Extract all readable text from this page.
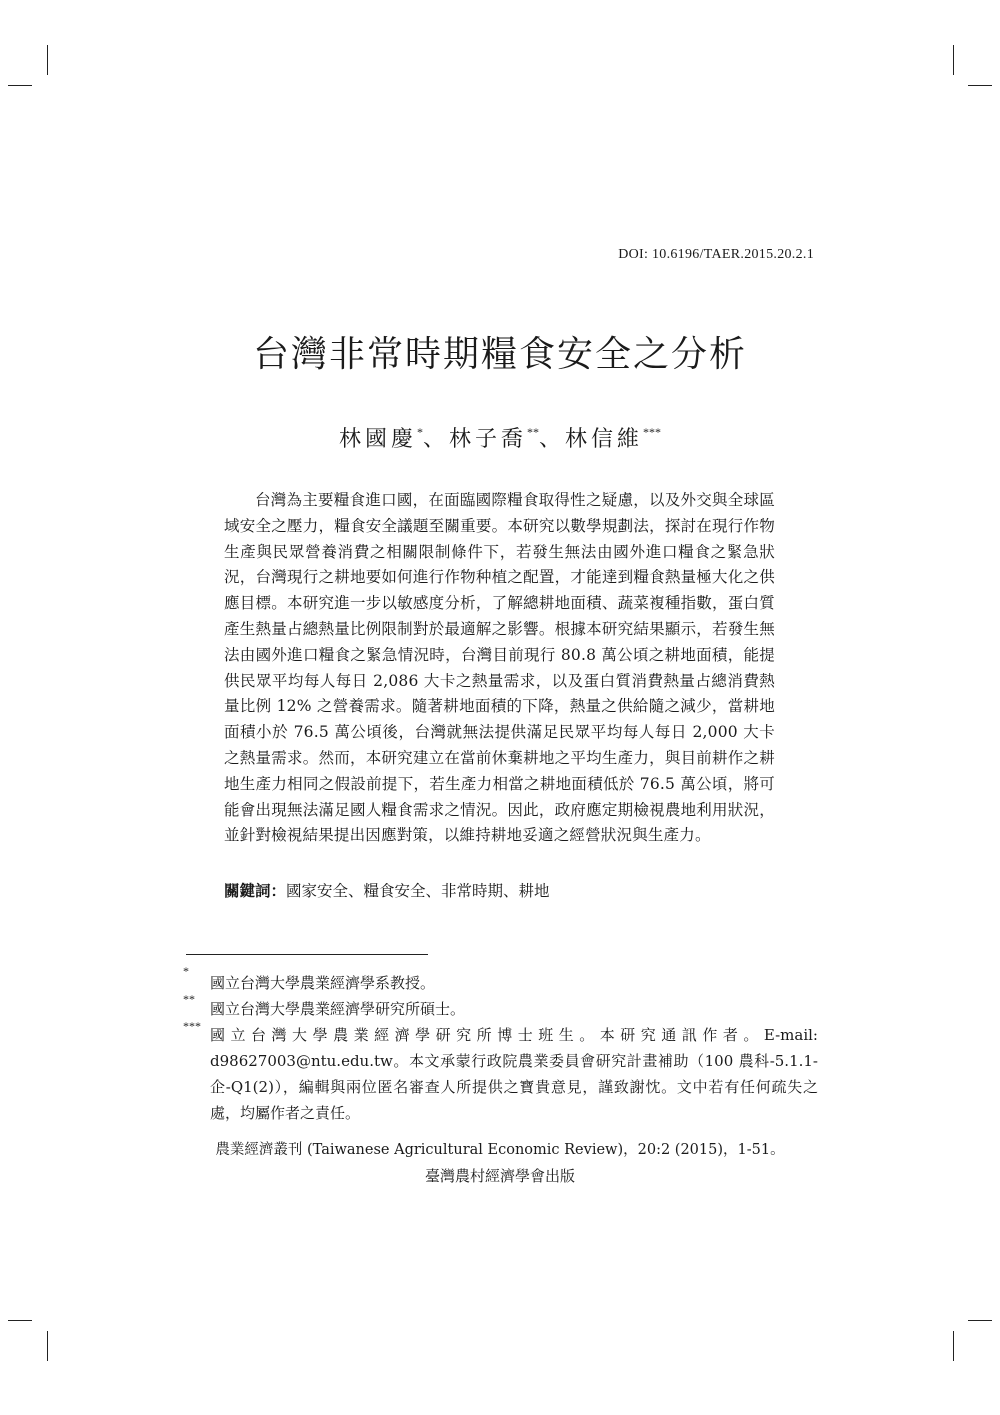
DOI: 10.6196/TAER.2015.20.2.1
台灣非常時期糧食安全之分析
林國慶*、林子喬**、林信維***

台灣為主要糧食進口國，在面臨國際糧食取得性之疑慮，以及外交與全球區域安全之壓力，糧食安全議題至關重要。本研究以數學規劃法，探討在現行作物生產與民眾營養消費之相關限制條件下，若發生無法由國外進口糧食之緊急狀況，台灣現行之耕地要如何進行作物种植之配置，才能達到糧食熱量極大化之供應目標。本研究進一步以敏感度分析，了解總耕地面積、蔬菜複種指數，蛋白質產生熱量占總熱量比例限制對於最適解之影響。根據本研究結果顯示，若發生無法由國外進口糧食之緊急情況時，台灣目前現行 80.8 萬公頃之耕地面積，能提供民眾平均每人每日 2,086 大卡之熱量需求，以及蛋白質消費熱量占總消費熱量比例 12% 之營養需求。隨著耕地面積的下降，熱量之供給隨之減少，當耕地面積小於 76.5 萬公頃後，台灣就無法提供滿足民眾平均每人每日 2,000 大卡之熱量需求。然而，本研究建立在當前休棄耕地之平均生產力，與目前耕作之耕地生產力相同之假設前提下，若生產力相當之耕地面積低於 76.5 萬公頃，將可能會出現無法滿足國人糧食需求之情況。因此，政府應定期檢視農地利用狀況，並針對檢視結果提出因應對策，以維持耕地妥適之經營狀況與生產力。

關鍵詞：國家安全、糧食安全、非常時期、耕地
*
國立台灣大學農業經濟學系教授。
**
國立台灣大學農業經濟學研究所碩士。
*** 國立台灣大學農業經濟學研究所博士班生。本研究通訊作者。E-mail: d98627003@ntu.edu.tw。本文承蒙行政院農業委員會研究計畫補助（100 農科-5.1.1-企-Q1(2)），編輯與兩位匿名審查人所提供之寶貴意見，謹致謝忱。文中若有任何疏失之處，均屬作者之責任。
農業經濟叢刊 (Taiwanese Agricultural Economic Review)，20:2 (2015)，1-51。
臺灣農村經濟學會出版
